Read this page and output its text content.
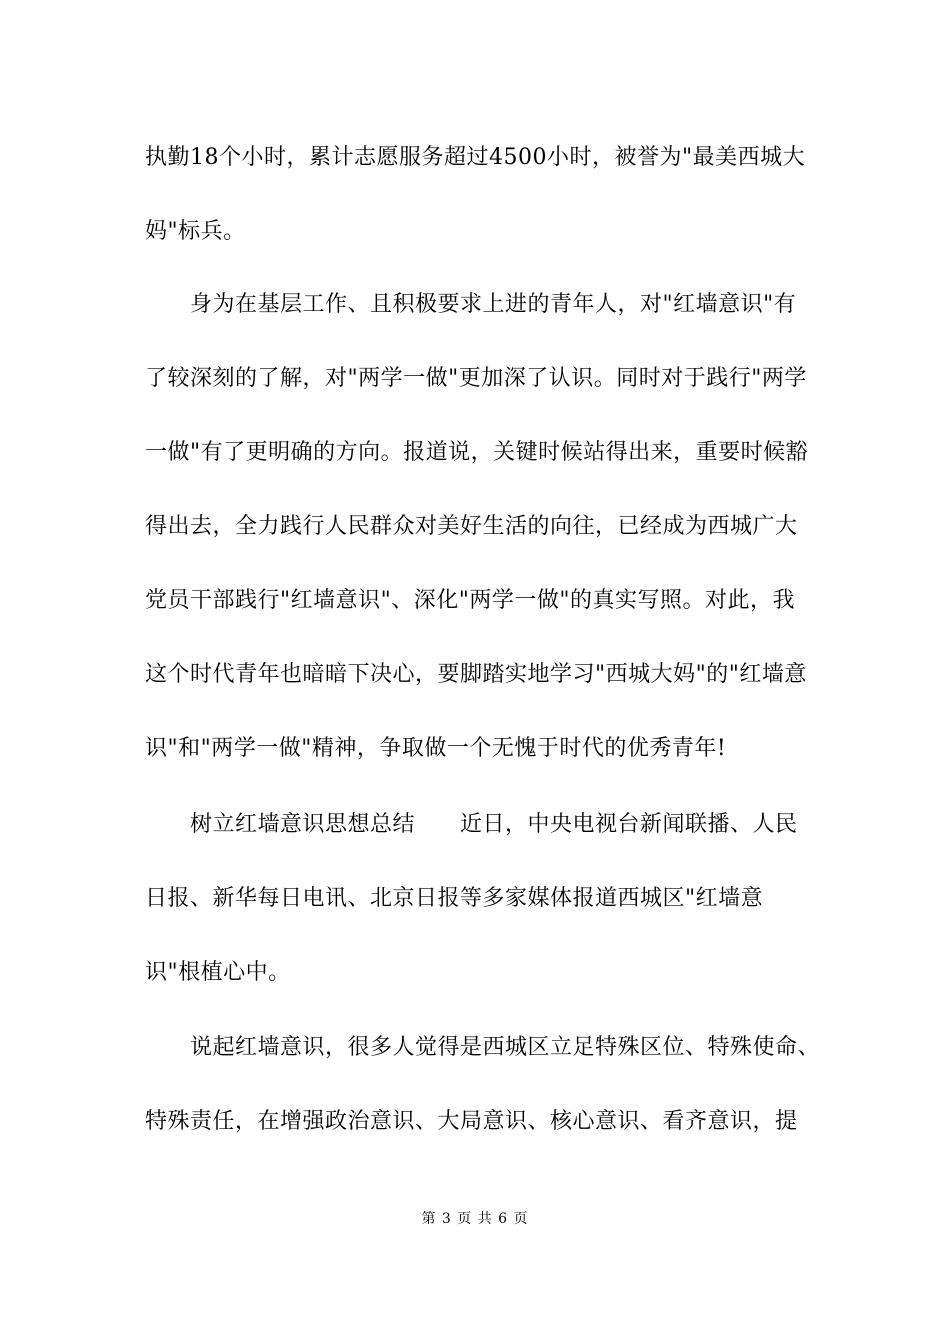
执勤18个小时，累计志愿服务超过4500小时，被誉为"最美西城大
妈"标兵。
身为在基层工作、且积极要求上进的青年人，对"红墙意识"有
了较深刻的了解，对"两学一做"更加深了认识。同时对于践行"两学
一做"有了更明确的方向。报道说，关键时候站得出来，重要时候豁
得出去，全力践行人民群众对美好生活的向往，已经成为西城广大
党员干部践行"红墙意识"、深化"两学一做"的真实写照。对此，我
这个时代青年也暗暗下决心，要脚踏实地学习"西城大妈"的"红墙意
识"和"两学一做"精神，争取做一个无愧于时代的优秀青年!
树立红墙意识思想总结　　近日，中央电视台新闻联播、人民
日报、新华每日电讯、北京日报等多家媒体报道西城区"红墙意
识"根植心中。
说起红墙意识，很多人觉得是西城区立足特殊区位、特殊使命、
特殊责任，在增强政治意识、大局意识、核心意识、看齐意识，提
第 3 页 共 6 页
